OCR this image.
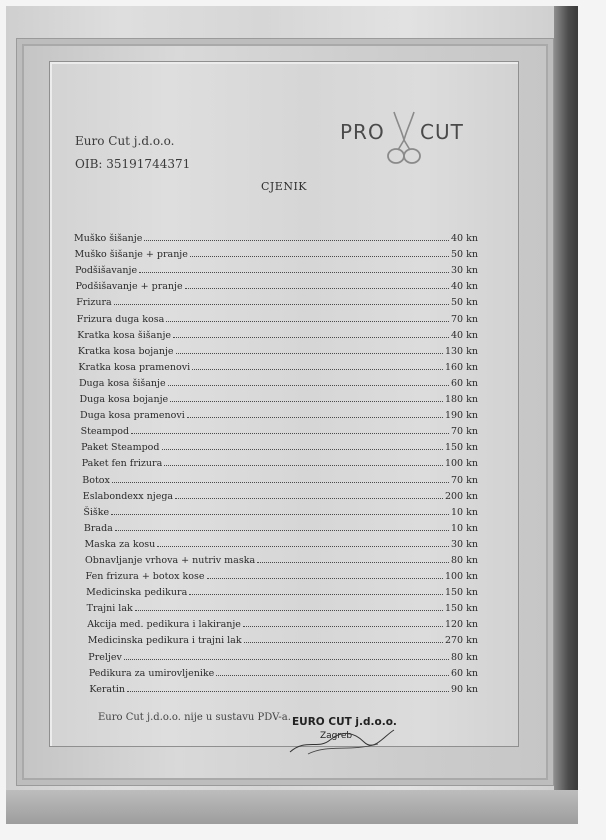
Euro Cut j.d.o.o.
OIB: 35191744371
PRO CUT
CJENIK
Muško šišanje	40 kn
Muško šišanje + pranje	50 kn
Podšišavanje	30 kn
Podšišavanje + pranje	40 kn
Frizura	50 kn
Frizura duga kosa	70 kn
Kratka kosa šišanje	40 kn
Kratka kosa bojanje	130 kn
Kratka kosa pramenovi	160 kn
Duga kosa šišanje	60 kn
Duga kosa bojanje	180 kn
Duga kosa pramenovi	190 kn
Steampod	70 kn
Paket Steampod	150 kn
Paket fen frizura	100 kn
Botox	70 kn
Eslabondexx njega	200 kn
Šiške	10 kn
Brada	10 kn
Maska za kosu	30 kn
Obnavljanje vrhova + nutriv maska	80 kn
Fen frizura + botox kose	100 kn
Medicinska pedikura	150 kn
Trajni lak	150 kn
Akcija med. pedikura i lakiranje	120 kn
Medicinska pedikura i trajni lak	270 kn
Preljev	80 kn
Pedikura za umirovljenike	60 kn
Keratin	90 kn
Euro Cut j.d.o.o. nije u sustavu PDV-a. EURO CUT j.d.o.o.
Zagreb
